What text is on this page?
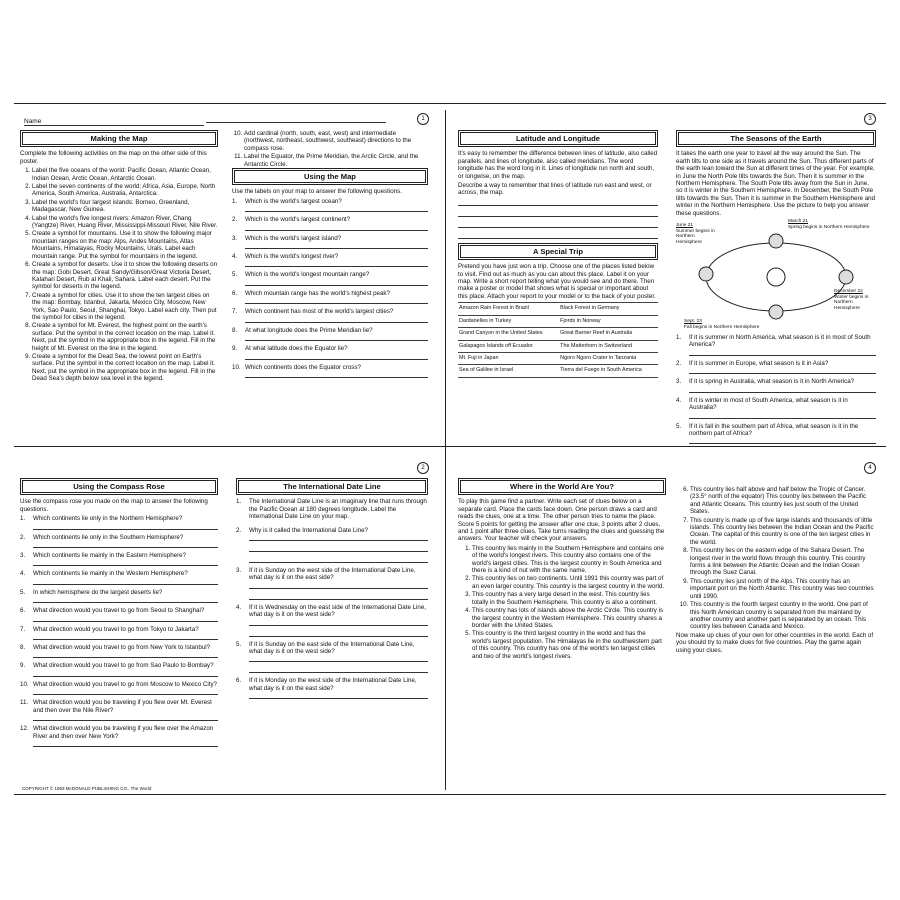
Name	1
2
3
4
Making the Map

Complete the following activities on the map on the other side of this poster.

1. Label the five oceans of the world: Pacific Ocean, Atlantic Ocean, Indian Ocean, Arctic Ocean, Antarctic Ocean.
2. Label the seven continents of the world: Africa, Asia, Europe, North America, South America, Australia, Antarctica.
3. Label the world's four largest islands: Borneo, Greenland, Madagascar, New Guinea.
4. Label the world's five longest rivers: Amazon River, Chang (Yangtze) River, Huang River, Mississippi-Missouri River, Nile River.
5. Create a symbol for mountains. Use it to show the following major mountain ranges on the map: Alps, Andes Mountains, Atlas Mountains, Himalayas, Rocky Mountains, Urals. Label each mountain range. Put the symbol for mountains in the legend.
6. Create a symbol for deserts. Use it to show the following deserts on the map: Gobi Desert, Great Sandy/Gibson/Great Victoria Desert, Kalahari Desert, Rub al Khali, Sahara. Label each desert. Put the symbol for deserts in the legend.
7. Create a symbol for cities. Use it to show the ten largest cities on the map: Bombay, Istanbul, Jakarta, Mexico City, Moscow, New York, Sao Paulo, Seoul, Shanghai, Tokyo. Label each city. Then put the symbol for cities in the legend.
8. Create a symbol for Mt. Everest, the highest point on the earth's surface. Put the symbol in the correct location on the map. Label it. Next, put the symbol in the appropriate box in the legend. Fill in the height of Mt. Everest on the line in the legend.
9. Create a symbol for the Dead Sea, the lowest point on Earth's surface. Put the symbol in the correct location on the map. Label it. Next, put the symbol in the appropriate box in the legend. Fill in the Dead Sea's depth below sea level in the legend.
10. Add cardinal (north, south, east, west) and intermediate (northwest, northeast, southwest, southeast) directions to the compass rose.
11. Label the Equator, the Prime Meridian, the Arctic Circle, and the Antarctic Circle.
Using the Map

Use the labels on your map to answer the following questions.

1.	Which is the world's largest ocean?
2.	Which is the world's largest continent?
3.	Which is the world's largest island?
4.	Which is the world's longest river?
5.	Which is the world's longest mountain range?
6.	Which mountain range has the world's highest peak?
7.	Which continent has most of the world's largest cities?
8.	At what longitude does the Prime Meridian lie?
9.	At what latitude does the Equator lie?
10. Which continents does the Equator cross?
Latitude and Longitude

It's easy to remember the difference between lines of latitude, also called parallels, and lines of longitude, also called meridians. The word longitude has the word long in it. Lines of longitude run north and south, or longwise, on the map.

Describe a way to remember that lines of latitude run east and west, or across, the map.

A Special Trip

Pretend you have just won a trip. Choose one of the places listed below to visit. Find out as much as you can about this place. Label it on your map. Write a short report telling what you would see and do there. Then make a poster or model that shows what is special or important about this place. Attach your report to your model or to the back of your poster.

Amazon Rain Forest in Brazil	Black Forest in Germany
Dardanelles in Turkey	Fjords in Norway
Grand Canyon in the United States	Great Barrier Reef in Australia
Galapagos Islands off Ecuador	The Matterhorn in Switzerland
Mt. Fuji in Japan	Ngoro Ngoro Crater in Tanzania
Sea of Galilee in Israel	Tierra del Fuego in South America
The Seasons of the Earth

It takes the earth one year to travel all the way around the Sun. The earth tilts to one side as it travels around the Sun. Thus different parts of the earth lean toward the Sun at different times of the year. For example, in June the North Pole tilts towards the Sun. Then it is summer in the Northern Hemisphere. The South Pole tilts away from the Sun in June, so it is winter in the Southern Hemisphere. In December, the South Pole tilts towards the Sun. Then it is summer in the Southern Hemisphere and winter in the Northern Hemisphere. Use the picture to help you answer these questions.

June 21
Summer begins in Northern Hemisphere
March 21
Spring begins in Northern Hemisphere
December 22
Winter begins in Northern Hemisphere
Sept. 23
Fall begins in Northern Hemisphere
1.	If it is summer in North America, what season is it in most of South America?
2.	If it is summer in Europe, what season is it in Asia?
3.	If it is spring in Australia, what season is it in North America?
4.	If it is winter in most of South America, what season is it in Australia?
5.	If it is fall in the southern part of Africa, what season is it in the northern part of Africa?
Using the Compass Rose

Use the compass rose you made on the map to answer the following questions.

1.	Which continents lie only in the Northern Hemisphere?
2.	Which continents lie only in the Southern Hemisphere?
3.	Which continents lie mainly in the Eastern Hemisphere?
4.	Which continents lie mainly in the Western Hemisphere?
5.	In which hemisphere do the largest deserts lie?
6.	What direction would you travel to go from Seoul to Shanghai?
7.	What direction would you travel to go from Tokyo to Jakarta?
8.	What direction would you travel to go from New York to Istanbul?
9.	What direction would you travel to go from Sao Paulo to Bombay?
10. What direction would you travel to go from Moscow to Mexico City?
11. What direction would you be traveling if you flew over Mt. Everest and then over the Nile River?
12. What direction would you be traveling if you flew over the Amazon River and then over New York?
The International Date Line
1.	The International Date Line is an imaginary line that runs through the Pacific Ocean at 180 degrees longitude. Label the International Date Line on your map.
2.	Why is it called the International Date Line?
3.	If it is Sunday on the west side of the International Date Line, what day is it on the east side?
4.	If it is Wednesday on the east side of the International Date Line, what day is it on the west side?
5.	If it is Sunday on the east side of the International Date Line, what day is it on the west side?
6.	If it is Monday on the west side of the International Date Line, what day is it on the east side?
Where in the World Are You?

To play this game find a partner. Write each set of clues below on a separate card. Place the cards face down. One person draws a card and reads the clues, one at a time. The other person tries to name the place. Score 5 points for getting the answer after one clue, 3 points after 2 clues, and 1 point after three clues. Take turns reading the clues and guessing the answers. Your teacher will check your answers.

1. This country lies mainly in the Southern Hemisphere and contains one of the world's longest rivers. This country also contains one of the world's largest cities. This is the largest country in South America and there is a kind of nut with the same name.
2. This country lies on two continents. Until 1991 this country was part of an even larger country. This country is the largest country in the world.
3. This country has a very large desert in the west. This country lies totally in the Southern Hemisphere. This country is also a continent.
4. This country has lots of islands above the Arctic Circle. This country is the largest country in the Western Hemisphere. This country shares a border with the United States.
5. This country is the third largest country in the world and has the world's largest population. The Himalayas lie in the southwestern part of this country. This country has one of the world's ten largest cities and two of the world's longest rivers.
6. This country lies half above and half below the Tropic of Cancer. (23.5° north of the equator) This country lies between the Pacific and Atlantic Oceans. This country lies just south of the United States.
7. This country is made up of five large islands and thousands of little islands. This country lies between the Indian Ocean and the Pacific Ocean. The capital of this country is one of the ten largest cities in the world.
8. This country lies on the eastern edge of the Sahara Desert. The longest river in the world flows through this country. This country forms a link between the Atlantic Ocean and the Indian Ocean through the Suez Canal.
9. This country lies just north of the Alps. This country has an important port on the North Atlantic. This country was two countries until 1990.
10. This country is the fourth largest country in the world. One part of this North American country is separated from the mainland by another country and another part is separated by an ocean. This country lies between Canada and Mexico.

Now make up clues of your own for other countries in the world. Each of you should try to make clues for five countries. Play the game again using your clues.

COPYRIGHT © 1993 McDONALD PUBLISHING CO., The World
